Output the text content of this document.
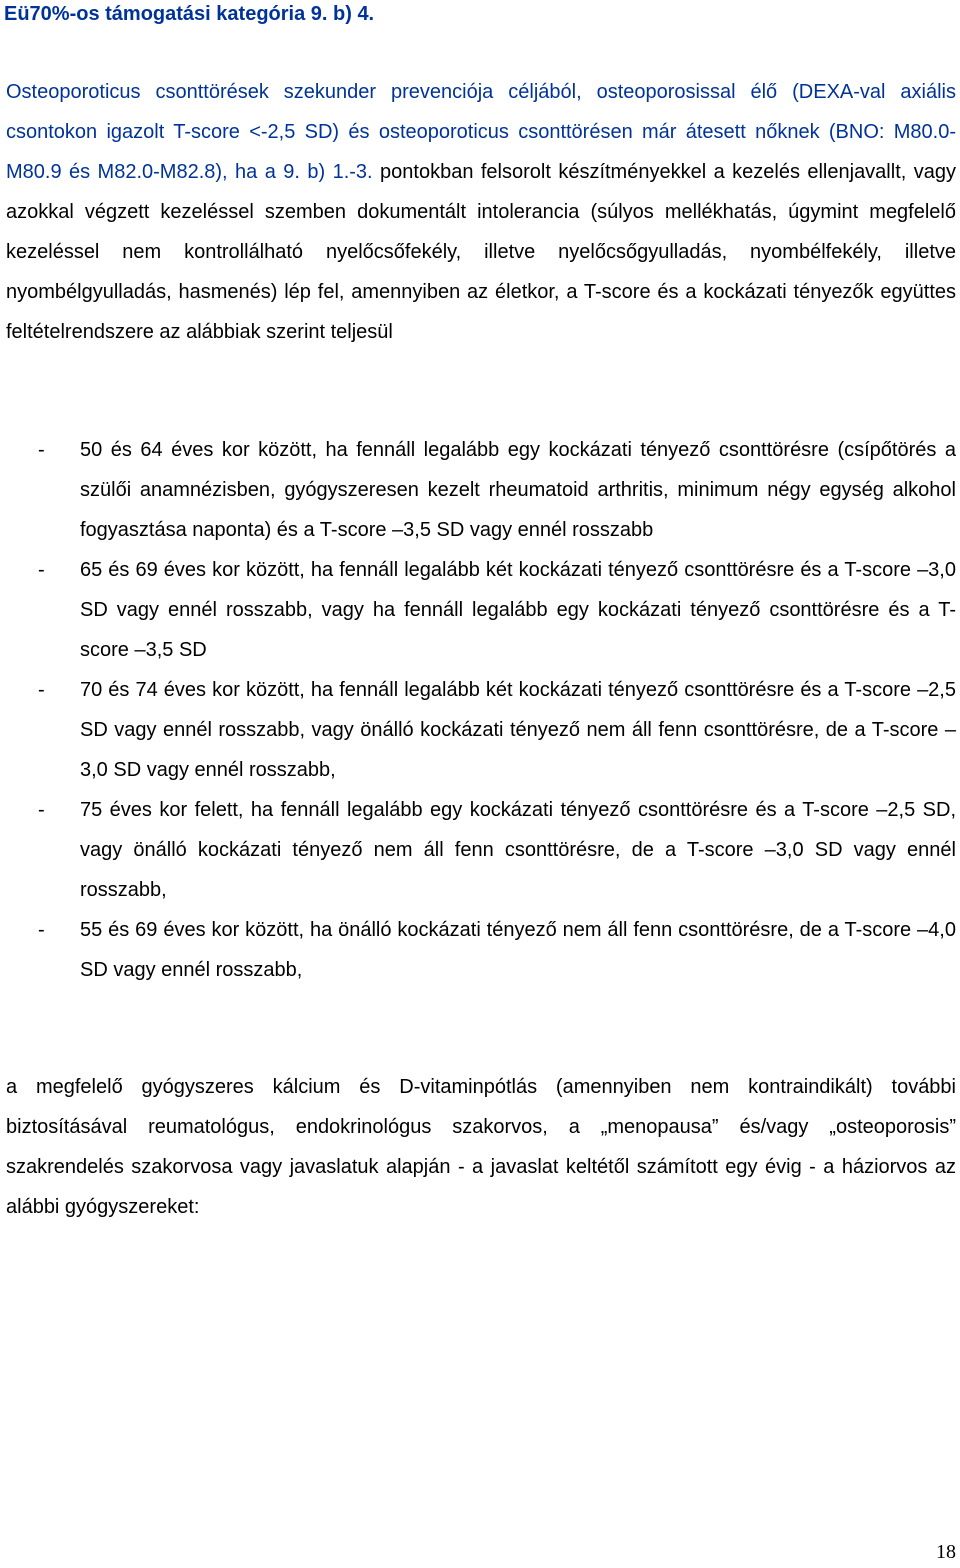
Eü70%-os támogatási kategória 9. b) 4.

Osteoporoticus csonttörések szekunder prevenciója céljából, osteoporosissal élő (DEXA-val axiális csontokon igazolt T-score <-2,5 SD) és osteoporoticus csonttörésen már átesett nőknek (BNO: M80.0-M80.9 és M82.0-M82.8), ha a 9. b) 1.-3. pontokban felsorolt készítményekkel a kezelés ellenjavallt, vagy azokkal végzett kezeléssel szemben dokumentált intolerancia (súlyos mellékhatás, úgymint megfelelő kezeléssel nem kontrollálható nyelőcsőfekély, illetve nyelőcsőgyulladás, nyombélfekély, illetve nyombélgyulladás, hasmenés) lép fel, amennyiben az életkor, a T-score és a kockázati tényezők együttes feltételrendszere az alábbiak szerint teljesül

- 50 és 64 éves kor között, ha fennáll legalább egy kockázati tényező csonttörésre (csípőtörés a szülői anamnézisben, gyógyszeresen kezelt rheumatoid arthritis, minimum négy egység alkohol fogyasztása naponta) és a T-score –3,5 SD vagy ennél rosszabb
- 65 és 69 éves kor között, ha fennáll legalább két kockázati tényező csonttörésre és a T-score –3,0 SD vagy ennél rosszabb, vagy ha fennáll legalább egy kockázati tényező csonttörésre és a T-score –3,5 SD
- 70 és 74 éves kor között, ha fennáll legalább két kockázati tényező csonttörésre és a T-score –2,5 SD vagy ennél rosszabb, vagy önálló kockázati tényező nem áll fenn csonttörésre, de a T-score –3,0 SD vagy ennél rosszabb,
- 75 éves kor felett, ha fennáll legalább egy kockázati tényező csonttörésre és a T-score –2,5 SD, vagy önálló kockázati tényező nem áll fenn csonttörésre, de a T-score –3,0 SD vagy ennél rosszabb,
- 55 és 69 éves kor között, ha önálló kockázati tényező nem áll fenn csonttörésre, de a T-score –4,0 SD vagy ennél rosszabb,

a megfelelő gyógyszeres kálcium és D-vitaminpótlás (amennyiben nem kontraindikált) további biztosításával reumatológus, endokrinológus szakorvos, a „menopausa” és/vagy „osteoporosis” szakrendelés szakorvosa vagy javaslatuk alapján - a javaslat keltétől számított egy évig - a háziorvos az alábbi gyógyszereket:

18
